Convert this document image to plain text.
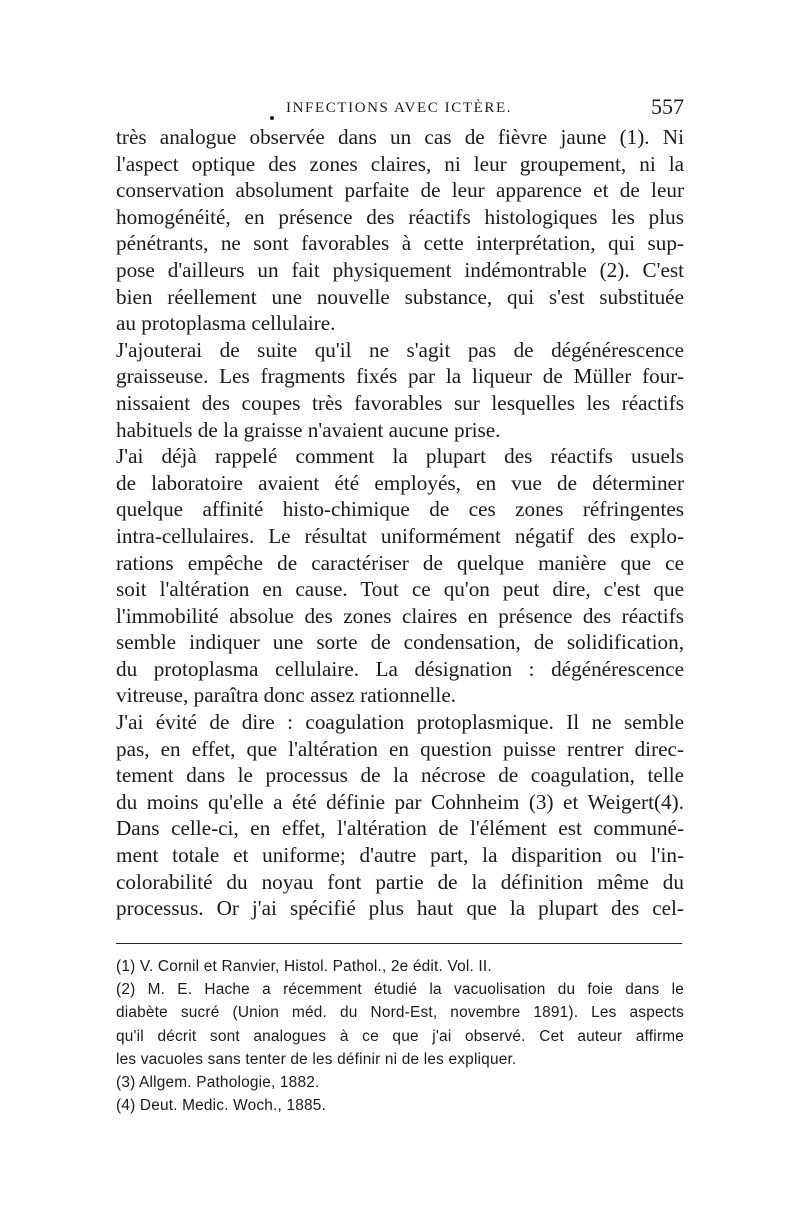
INFECTIONS AVEC ICTÈRE.	557
très analogue observée dans un cas de fièvre jaune (1). Ni
l'aspect optique des zones claires, ni leur groupement, ni la
conservation absolument parfaite de leur apparence et de leur
homogénéité, en présence des réactifs histologiques les plus
pénétrants, ne sont favorables à cette interprétation, qui sup-
pose d'ailleurs un fait physiquement indémontrable (2). C'est
bien réellement une nouvelle substance, qui s'est substituée
au protoplasma cellulaire.
J'ajouterai de suite qu'il ne s'agit pas de dégénérescence
graisseuse. Les fragments fixés par la liqueur de Müller four-
nissaient des coupes très favorables sur lesquelles les réactifs
habituels de la graisse n'avaient aucune prise.
J'ai déjà rappelé comment la plupart des réactifs usuels
de laboratoire avaient été employés, en vue de déterminer
quelque affinité histo-chimique de ces zones réfringentes
intra-cellulaires. Le résultat uniformément négatif des explo-
rations empêche de caractériser de quelque manière que ce
soit l'altération en cause. Tout ce qu'on peut dire, c'est que
l'immobilité absolue des zones claires en présence des réactifs
semble indiquer une sorte de condensation, de solidification,
du protoplasma cellulaire. La désignation : dégénérescence
vitreuse, paraîtra donc assez rationnelle.
J'ai évité de dire : coagulation protoplasmique. Il ne semble
pas, en effet, que l'altération en question puisse rentrer direc-
tement dans le processus de la nécrose de coagulation, telle
du moins qu'elle a été définie par Cohnheim (3) et Weigert(4).
Dans celle-ci, en effet, l'altération de l'élément est communé-
ment totale et uniforme; d'autre part, la disparition ou l'in-
colorabilité du noyau font partie de la définition même du
processus. Or j'ai spécifié plus haut que la plupart des cel-
(1) V. Cornil et Ranvier, Histol. Pathol., 2e édit. Vol. II.
(2) M. E. Hache a récemment étudié la vacuolisation du foie dans le
diabète sucré (Union méd. du Nord-Est, novembre 1891). Les aspects
qu'il décrit sont analogues à ce que j'ai observé. Cet auteur affirme
les vacuoles sans tenter de les définir ni de les expliquer.
(3) Allgem. Pathologie, 1882.
(4) Deut. Medic. Woch., 1885.
